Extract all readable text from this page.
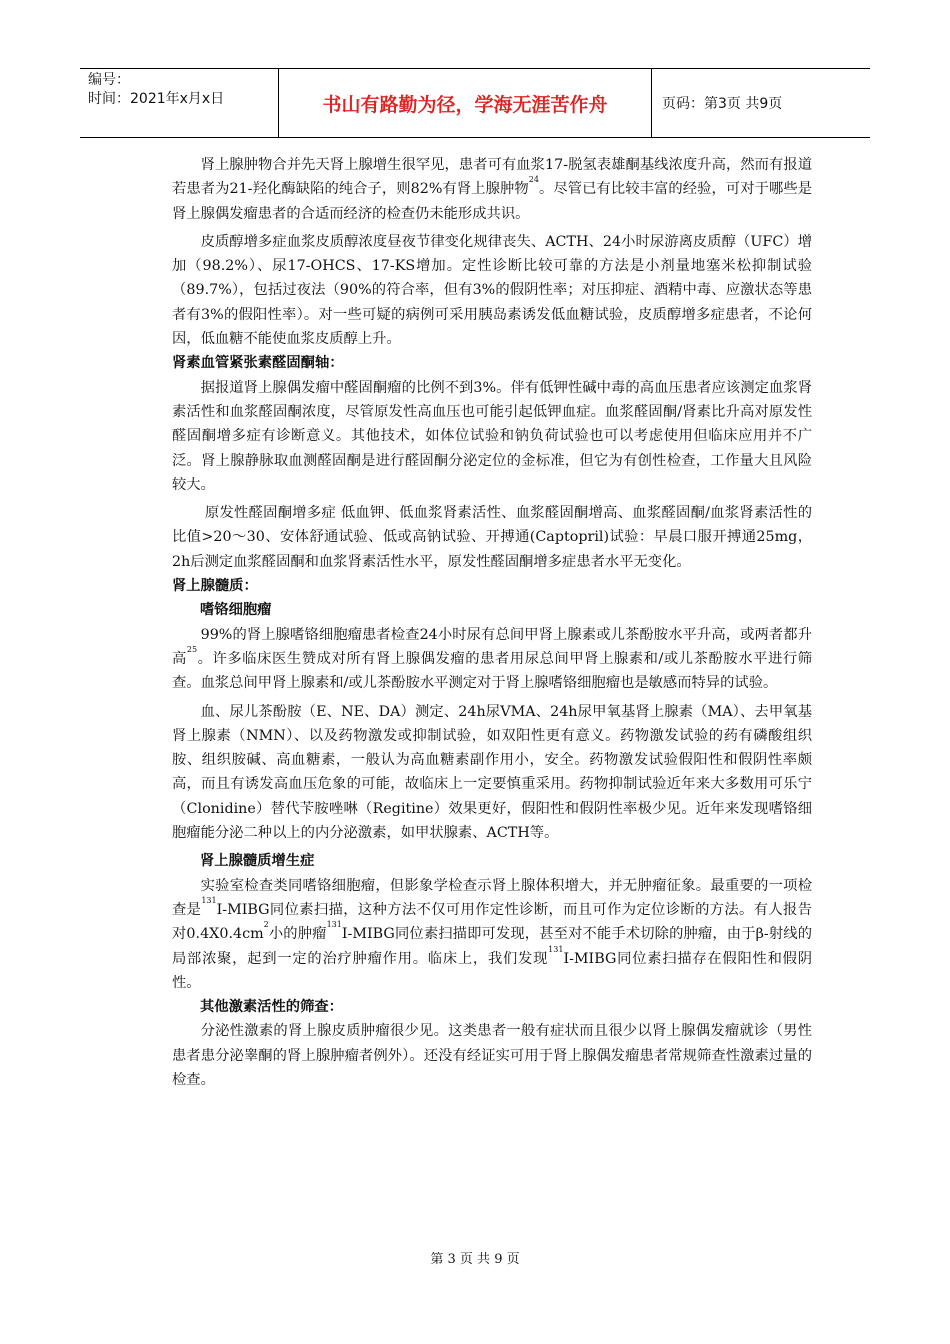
编号：
时间：2021年x月x日	书山有路勤为径，学海无涯苦作舟	页码：第3页 共9页

肾上腺肿物合并先天肾上腺增生很罕见，患者可有血浆17-脱氢表雄酮基线浓度升高，然而有报道若患者为21-羟化酶缺陷的纯合子，则82%有肾上腺肿物$^{24}$。尽管已有比较丰富的经验，可对于哪些是肾上腺偶发瘤患者的合适而经济的检查仍未能形成共识。

皮质醇增多症血浆皮质醇浓度昼夜节律变化规律丧失、ACTH、24小时尿游离皮质醇（UFC）增加（98.2%）、尿17-OHCS、17-KS增加。定性诊断比较可靠的方法是小剂量地塞米松抑制试验（89.7%），包括过夜法（90%的符合率，但有3%的假阴性率；对压抑症、酒精中毒、应激状态等患者有3%的假阳性率）。对一些可疑的病例可采用胰岛素诱发低血糖试验，皮质醇增多症患者，不论何因，低血糖不能使血浆皮质醇上升。

肾素血管紧张素醛固酮轴：

据报道肾上腺偶发瘤中醛固酮瘤的比例不到3%。伴有低钾性碱中毒的高血压患者应该测定血浆肾素活性和血浆醛固酮浓度，尽管原发性高血压也可能引起低钾血症。血浆醛固酮/肾素比升高对原发性醛固酮增多症有诊断意义。其他技术，如体位试验和钠负荷试验也可以考虑使用但临床应用并不广泛。肾上腺静脉取血测醛固酮是进行醛固酮分泌定位的金标准，但它为有创性检查，工作量大且风险较大。

原发性醛固酮增多症 低血钾、低血浆肾素活性、血浆醛固酮增高、血浆醛固酮/血浆肾素活性的比值>20～30、安体舒通试验、低或高钠试验、开搏通(Captopril)试验：早晨口服开搏通25mg，2h后测定血浆醛固酮和血浆肾素活性水平，原发性醛固酮增多症患者水平无变化。

肾上腺髓质：
嗜铬细胞瘤

99%的肾上腺嗜铬细胞瘤患者检查24小时尿有总间甲肾上腺素或儿茶酚胺水平升高，或两者都升高$^{25}$。许多临床医生赞成对所有肾上腺偶发瘤的患者用尿总间甲肾上腺素和/或儿茶酚胺水平进行筛查。血浆总间甲肾上腺素和/或儿茶酚胺水平测定对于肾上腺嗜铬细胞瘤也是敏感而特异的试验。

血、尿儿茶酚胺（E、NE、DA）测定、24h尿VMA、24h尿甲氧基肾上腺素（MA）、去甲氧基肾上腺素（NMN）、以及药物激发或抑制试验，如双阳性更有意义。药物激发试验的药有磷酸组织胺、组织胺碱、高血糖素，一般认为高血糖素副作用小，安全。药物激发试验假阳性和假阴性率颇高，而且有诱发高血压危象的可能，故临床上一定要慎重采用。药物抑制试验近年来大多数用可乐宁（Clonidine）替代苄胺唑啉（Regitine）效果更好，假阳性和假阴性率极少见。近年来发现嗜铬细胞瘤能分泌二种以上的内分泌激素，如甲状腺素、ACTH等。

肾上腺髓质增生症

实验室检查类同嗜铬细胞瘤，但影象学检查示肾上腺体积增大，并无肿瘤征象。最重要的一项检查是$^{131}$I-MIBG同位素扫描，这种方法不仅可用作定性诊断，而且可作为定位诊断的方法。有人报告对$0.4X0.4cm^2$小的肿瘤$^{131}$I-MIBG同位素扫描即可发现，甚至对不能手术切除的肿瘤，由于β-射线的局部浓聚，起到一定的治疗肿瘤作用。临床上，我们发现$^{131}$I-MIBG同位素扫描存在假阳性和假阴性。

其他激素活性的筛查：

分泌性激素的肾上腺皮质肿瘤很少见。这类患者一般有症状而且很少以肾上腺偶发瘤就诊（男性患者患分泌睾酮的肾上腺肿瘤者例外）。还没有经证实可用于肾上腺偶发瘤患者常规筛查性激素过量的检查。

第 3 页 共 9 页
